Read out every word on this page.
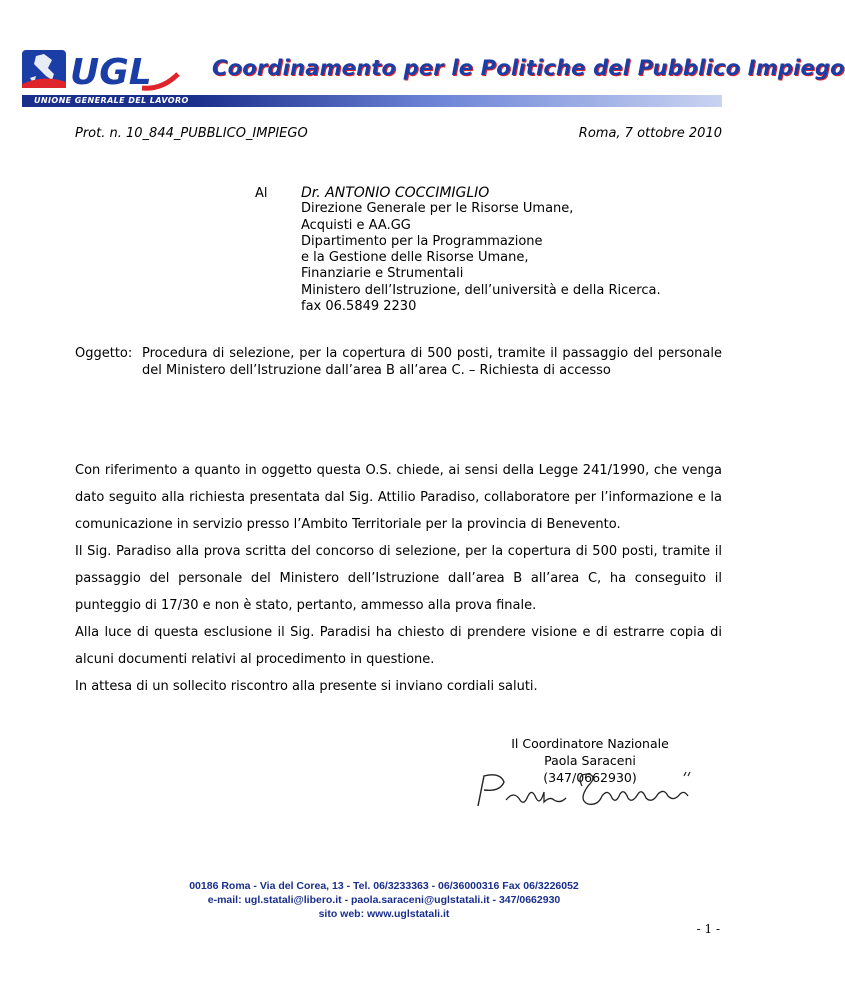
UGL	Coordinamento per le Politiche del Pubblico Impiego
UNIONE GENERALE DEL LAVORO
Prot. n. 10_844_PUBBLICO_IMPIEGO	Roma, 7 ottobre 2010
Al Dr. ANTONIO COCCIMIGLIO
Direzione Generale per le Risorse Umane,
Acquisti e AA.GG
Dipartimento per la Programmazione
e la Gestione delle Risorse Umane,
Finanziarie e Strumentali
Ministero dell’Istruzione, dell’università e della Ricerca.
fax 06.5849 2230
Oggetto: Procedura di selezione, per la copertura di 500 posti, tramite il passaggio del personale del Ministero dell’Istruzione dall’area B all’area C. – Richiesta di accesso

Con riferimento a quanto in oggetto questa O.S. chiede, ai sensi della Legge 241/1990, che venga dato seguito alla richiesta presentata dal Sig. Attilio Paradiso, collaboratore per l’informazione e la comunicazione in servizio presso l’Ambito Territoriale per la provincia di Benevento.

Il Sig. Paradiso alla prova scritta del concorso di selezione, per la copertura di 500 posti, tramite il passaggio del personale del Ministero dell’Istruzione dall’area B all’area C, ha conseguito il punteggio di 17/30 e non è stato, pertanto, ammesso alla prova finale.

Alla luce di questa esclusione il Sig. Paradisi ha chiesto di prendere visione e di estrarre copia di alcuni documenti relativi al procedimento in questione.

In attesa di un sollecito riscontro alla presente si inviano cordiali saluti.

Il Coordinatore Nazionale
Paola Saraceni
(347/0662930)
00186 Roma - Via del Corea, 13 - Tel. 06/3233363 - 06/36000316 Fax 06/3226052
e-mail: ugl.statali@libero.it - paola.saraceni@uglstatali.it - 347/0662930
sito web: www.uglstatali.it
- 1 -
